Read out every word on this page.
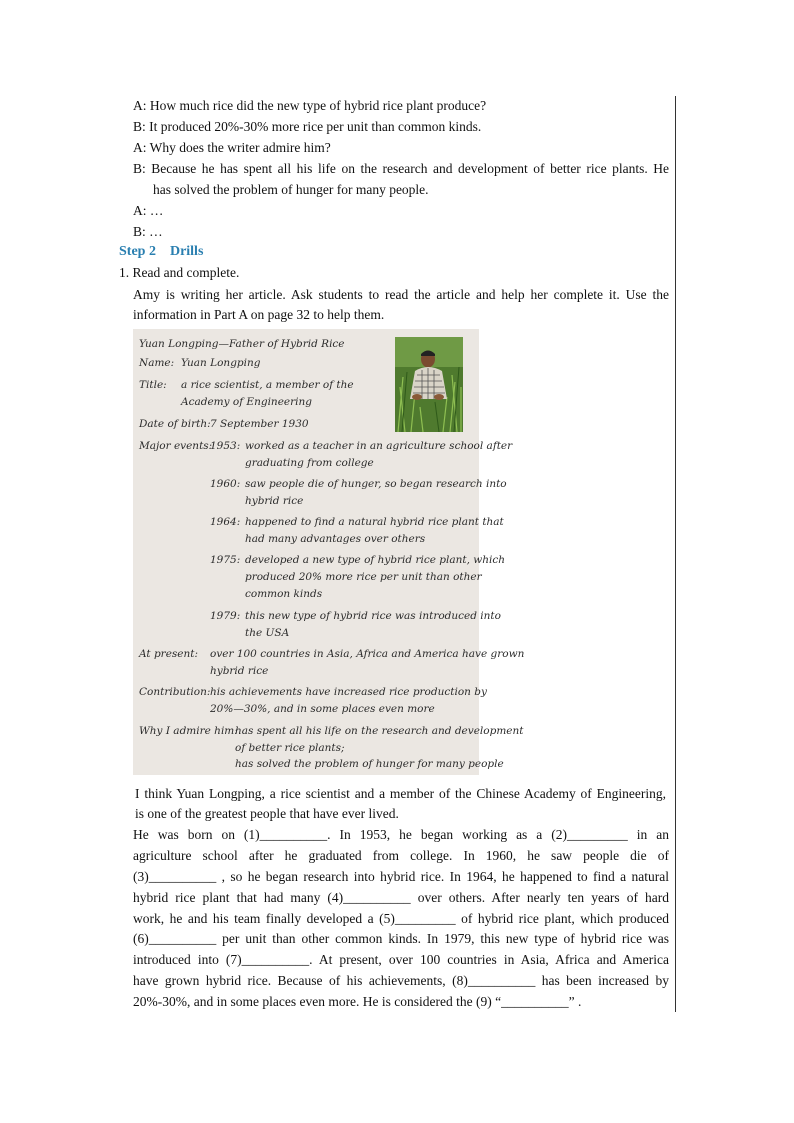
A: How much rice did the new type of hybrid rice plant produce?
B: It produced 20%-30% more rice per unit than common kinds.
A: Why does the writer admire him?
B: Because he has spent all his life on the research and development of better rice plants. He
has solved the problem of hunger for many people.
A: …
B: …
Step 2 Drills
1. Read and complete.
Amy is writing her article. Ask students to read the article and help her complete it. Use the
information in Part A on page 32 to help them.
Yuan Longping—Father of Hybrid Rice
Name: Yuan Longping
Title: a rice scientist, a member of the
Academy of Engineering
Date of birth: 7 September 1930
Major events:
1953: worked as a teacher in an agriculture school after
graduating from college
1960: saw people die of hunger, so began research into
hybrid rice
1964: happened to find a natural hybrid rice plant that
had many advantages over others
1975: developed a new type of hybrid rice plant, which
produced 20% more rice per unit than other
common kinds
1979: this new type of hybrid rice was introduced into
the USA
At present: over 100 countries in Asia, Africa and America have grown
hybrid rice
Contribution: his achievements have increased rice production by
20%—30%, and in some places even more
Why I admire him:
has spent all his life on the research and development
of better rice plants;
has solved the problem of hunger for many people
I think Yuan Longping, a rice scientist and a member of the Chinese Academy of Engineering,
is one of the greatest people that have ever lived.
He was born on (1)__________. In 1953, he began working as a (2)_________ in an
agriculture school after he graduated from college. In 1960, he saw people die of
(3)__________ , so he began research into hybrid rice. In 1964, he happened to find a natural
hybrid rice plant that had many (4)__________ over others. After nearly ten years of hard
work, he and his team finally developed a (5)_________ of hybrid rice plant, which produced
(6)__________ per unit than other common kinds. In 1979, this new type of hybrid rice was
introduced into (7)__________. At present, over 100 countries in Asia, Africa and America
have grown hybrid rice. Because of his achievements, (8)__________ has been increased by
20%-30%, and in some places even more. He is considered the (9) “__________” .
